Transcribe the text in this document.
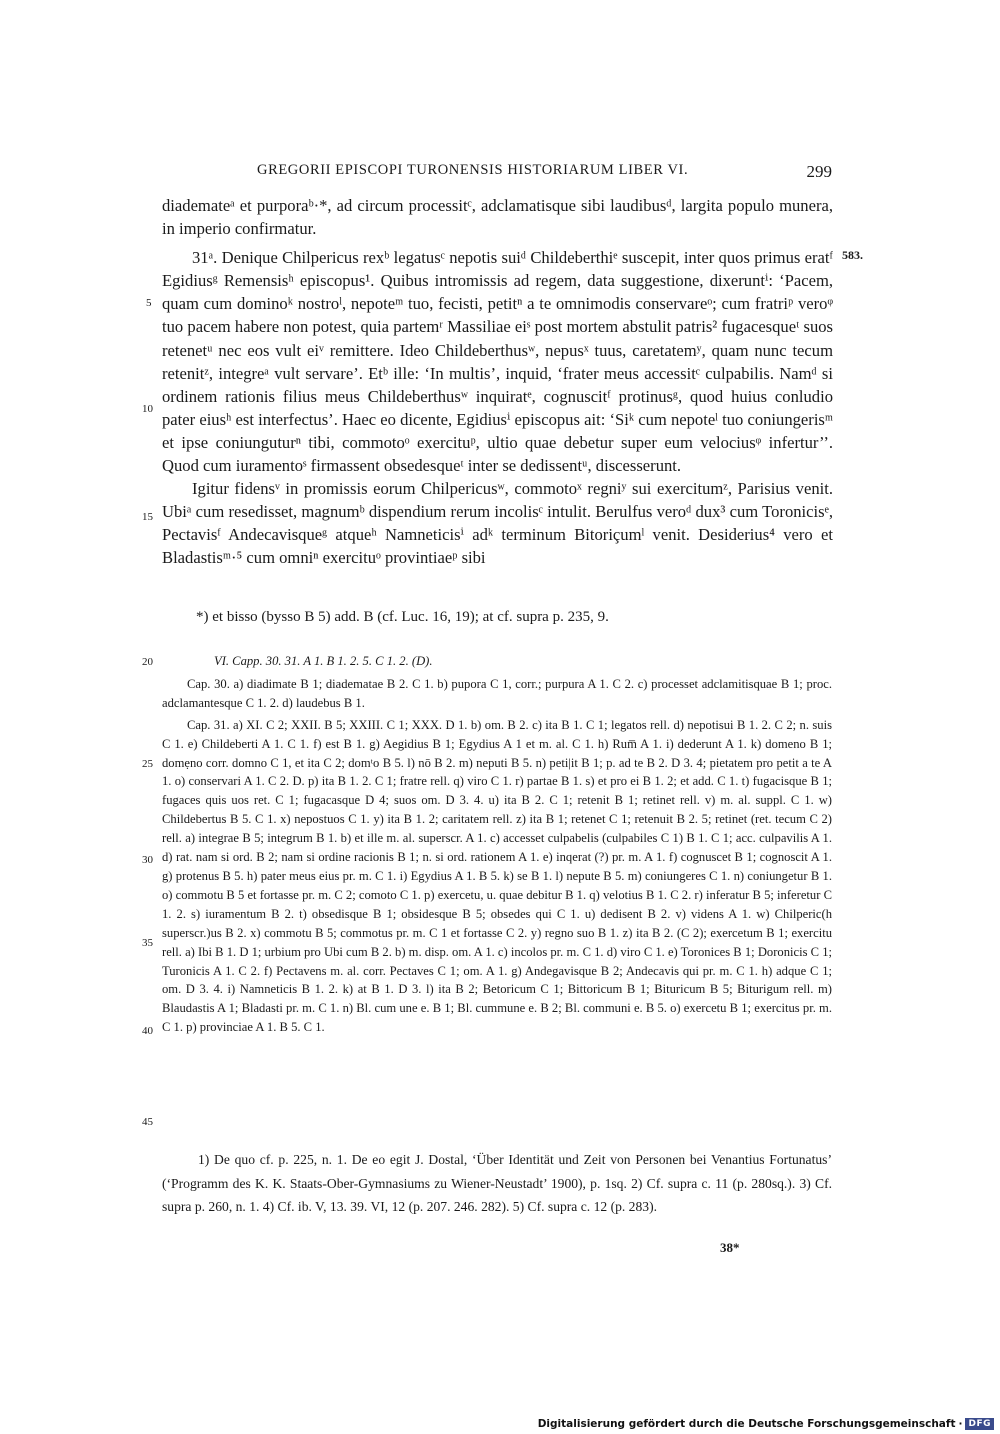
GREGORII EPISCOPI TURONENSIS HISTORIARUM LIBER VI.	299
583.
5
10
15

diademateᵃ et purporaᵇ·*, ad circum processitᶜ, adclamatisque sibi laudibusᵈ, largita populo munera, in imperio confirmatur.

31ᵃ. Denique Chilpericus rexᵇ legatusᶜ nepotis suiᵈ Childeberthiᵉ suscepit, inter quos primus eratᶠ Egidiusᵍ Remensisʰ episcopus¹. Quibus intromissis ad regem, data suggestione, dixeruntⁱ: ‘Pacem, quam cum dominoᵏ nostroˡ, nepoteᵐ tuo, fecisti, petitⁿ a te omnimodis conservareᵒ; cum fratriᵖ veroᵠ tuo pacem habere non potest, quia partemʳ Massiliae eiˢ post mortem abstulit patris² fugacesqueᵗ suos retenetᵘ nec eos vult eiᵛ remittere. Ideo Childeberthusʷ, nepusˣ tuus, caretatemʸ, quam nunc tecum retenitᶻ, integreᵃ vult servare’. Etᵇ ille: ‘In multis’, inquid, ‘frater meus accessitᶜ culpabilis. Namᵈ si ordinem rationis filius meus Childeberthusʷ inquiratᵉ, cognuscitᶠ protinusᵍ, quod huius conludio pater eiusʰ est interfectus’. Haec eo dicente, Egidiusⁱ episcopus ait: ‘Siᵏ cum nepoteˡ tuo coniungerisᵐ et ipse coniunguturⁿ tibi, commotoᵒ exercituᵖ, ultio quae debetur super eum velociusᵠ infertur’’. Quod cum iuramentoˢ firmassent obsedesqueᵗ inter se dedissentᵘ, discesserunt.

Igitur fidensᵛ in promissis eorum Chilpericusʷ, commotoˣ regniʸ sui exercitumᶻ, Parisius venit. Ubiᵃ cum resedisset, magnumᵇ dispendium rerum incolisᶜ intulit. Berulfus veroᵈ dux³ cum Toronicisᵉ, Pectavisᶠ Andecavisqueᵍ atqueʰ Namneticisⁱ adᵏ terminum Bitoriçumˡ venit. Desiderius⁴ vero et Bladastisᵐ·⁵ cum omniⁿ exercituᵒ provintiaeᵖ sibi

*) et bisso (bysso B 5) add. B (cf. Luc. 16, 19); at cf. supra p. 235, 9.
20
25
30
35
40
45

VI. Capp. 30. 31. A 1. B 1. 2. 5. C 1. 2. (D).

Cap. 30. a) diadimate B 1; diademataе B 2. C 1. b) pupora C 1, corr.; purpura A 1. C 2. c) processet adclamitisquae B 1; proc. adclamantesque C 1. 2. d) laudebus B 1.

Cap. 31. a) XI. C 2; XXII. B 5; XXIII. C 1; XXX. D 1. b) om. B 2. c) ita B 1. C 1; legatos rell. d) nepotisui B 1. 2. C 2; n. suis C 1. e) Childeberti A 1. C 1. f) est B 1. g) Aegidius B 1; Egydius A 1 et m. al. C 1. h) Rum̅ A 1. i) dederunt A 1. k) domeno B 1; domẹno corr. domno C 1, et ita C 2; domᵗo B 5. l) nō B 2. m) neputi B 5. n) peti|it B 1; p. ad te B 2. D 3. 4; pietatem pro petit a te A 1. o) conservari A 1. C 2. D. p) ita B 1. 2. C 1; fratre rell. q) viro C 1. r) partae B 1. s) et pro ei B 1. 2; et add. C 1. t) fugacisque B 1; fugaces quis uos ret. C 1; fugacasque D 4; suos om. D 3. 4. u) ita B 2. C 1; retenit B 1; retinet rell. v) m. al. suppl. C 1. w) Childebertus B 5. C 1. x) nepostuos C 1. y) ita B 1. 2; caritatem rell. z) ita B 1; retenet C 1; retenuit B 2. 5; retinet (ret. tecum C 2) rell. a) integrae B 5; integrum B 1. b) et ille m. al. superscr. A 1. c) accesset culpabelis (culpabiles C 1) B 1. C 1; acc. culpavilis A 1. d) rat. nam si ord. B 2; nam si ordine racionis B 1; n. si ord. rationem A 1. e) inqerat (?) pr. m. A 1. f) cognuscet B 1; cognoscit A 1. g) protenus B 5. h) pater meus eius pr. m. C 1. i) Egydius A 1. B 5. k) se B 1. l) nepute B 5. m) coniungeres C 1. n) coniungetur B 1. o) commotu B 5 et fortasse pr. m. C 2; comoto C 1. p) exercetu, u. quae debitur B 1. q) velotius B 1. C 2. r) inferatur B 5; inferetur C 1. 2. s) iuramentum B 2. t) obsedisque B 1; obsidesque B 5; obsedes qui C 1. u) dedisent B 2. v) videns A 1. w) Chilperic(h superscr.)us B 2. x) commotu B 5; commotus pr. m. C 1 et fortasse C 2. y) regno suo B 1. z) ita B 2. (C 2); exercetum B 1; exercitu rell. a) Ibi B 1. D 1; urbium pro Ubi cum B 2. b) m. disp. om. A 1. c) incolos pr. m. C 1. d) viro C 1. e) Toronices B 1; Doronicis C 1; Turonicis A 1. C 2. f) Pectavens m. al. corr. Pectaves C 1; om. A 1. g) Andegavisque B 2; Andecavis qui pr. m. C 1. h) adque C 1; om. D 3. 4. i) Namneticis B 1. 2. k) at B 1. D 3. l) ita B 2; Betoricum C 1; Bittoricum B 1; Bituricum B 5; Biturigum rell. m) Blaudastis A 1; Bladasti pr. m. C 1. n) Bl. cum une e. B 1; Bl. cummune e. B 2; Bl. communi e. B 5. o) exercetu B 1; exercitus pr. m. C 1. p) provinciae A 1. B 5. C 1.

1) De quo cf. p. 225, n. 1. De eo egit J. Dostal, ‘Über Identität und Zeit von Personen bei Venantius Fortunatus’ (‘Programm des K. K. Staats-Ober-Gymnasiums zu Wiener-Neustadt’ 1900), p. 1sq. 2) Cf. supra c. 11 (p. 280sq.). 3) Cf. supra p. 260, n. 1. 4) Cf. ib. V, 13. 39. VI, 12 (p. 207. 246. 282). 5) Cf. supra c. 12 (p. 283).

38*
Digitalisierung gefördert durch die Deutsche Forschungsgemeinschaft · DFG
